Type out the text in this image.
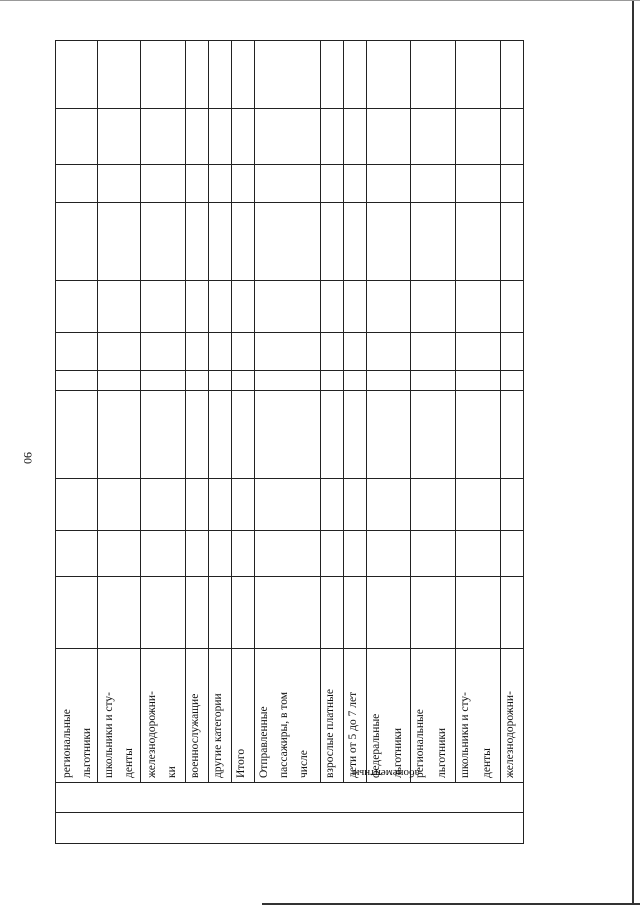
90
региональные льготники школьники и сту- денты железнодорожни- ки военнослужащие другие категории Итого Отправленные пассажиры, в том числе взрослые платные дети от 5 до 7 лет федеральные льготники региональные льготники школьники и сту- денты железнодорожни-
абонементные
